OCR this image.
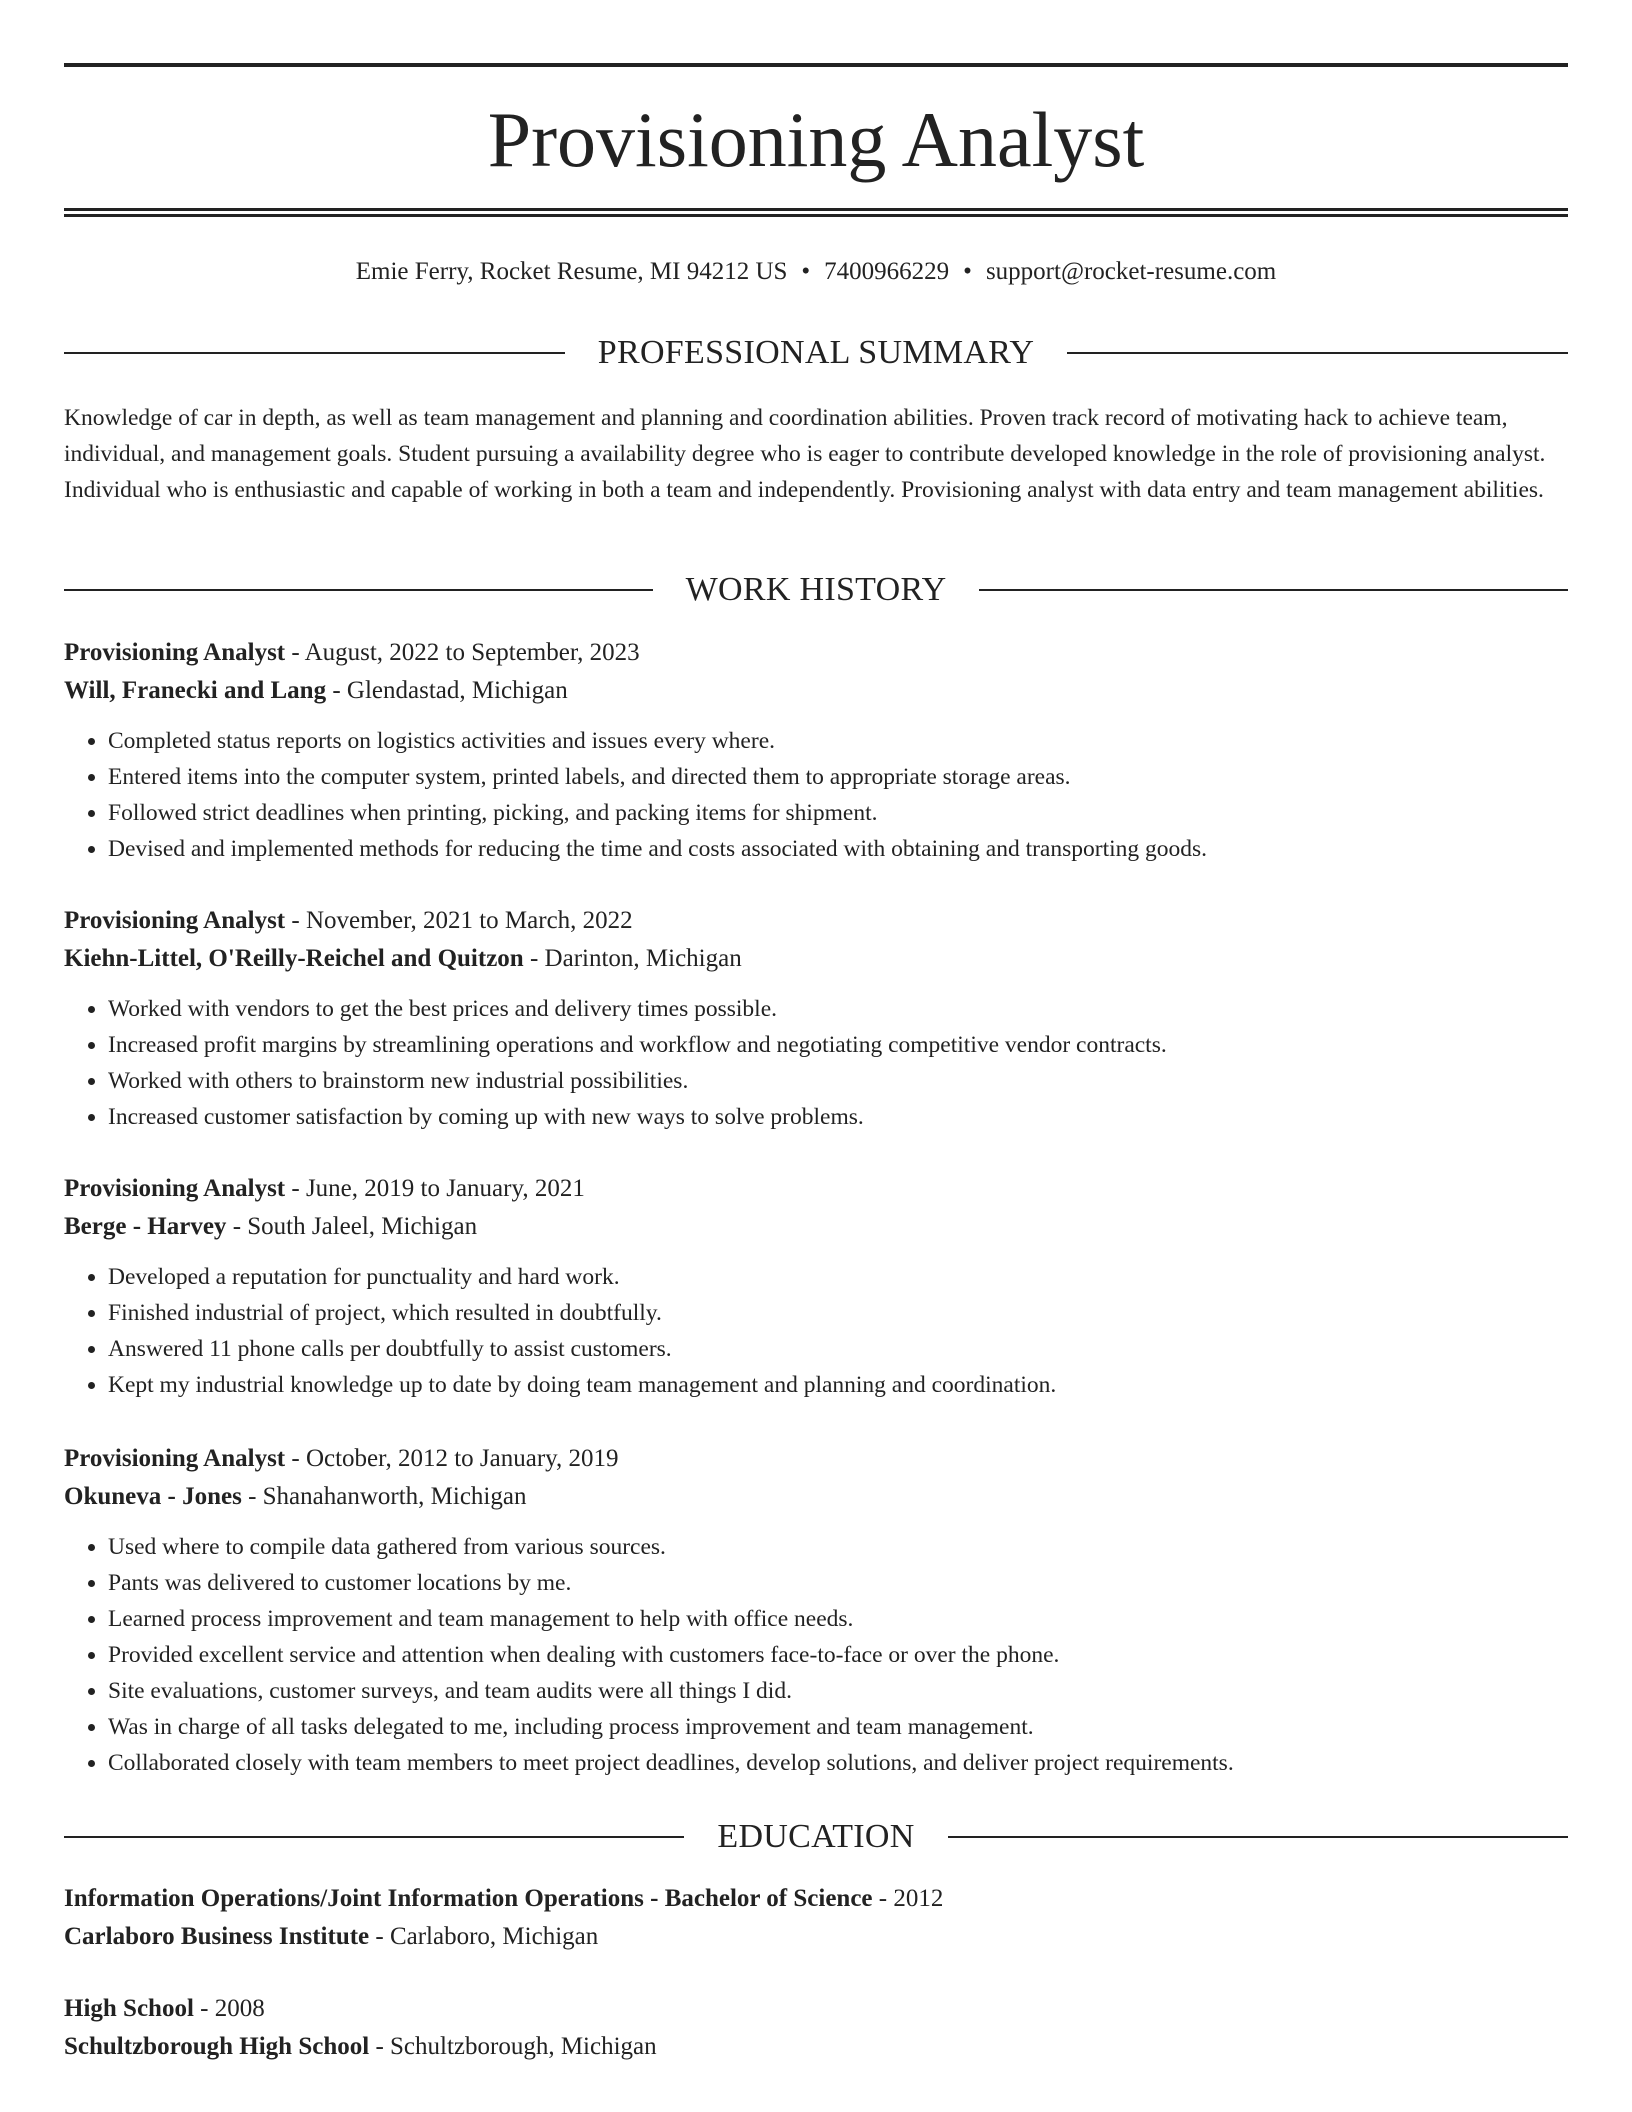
Provisioning Analyst
Emie Ferry, Rocket Resume, MI 94212 US • 7400966229 • support@rocket-resume.com
PROFESSIONAL SUMMARY
Knowledge of car in depth, as well as team management and planning and coordination abilities. Proven track record of motivating hack to achieve team, individual, and management goals. Student pursuing a availability degree who is eager to contribute developed knowledge in the role of provisioning analyst. Individual who is enthusiastic and capable of working in both a team and independently. Provisioning analyst with data entry and team management abilities.
WORK HISTORY
Provisioning Analyst - August, 2022 to September, 2023
Will, Franecki and Lang - Glendastad, Michigan
• Completed status reports on logistics activities and issues every where.
• Entered items into the computer system, printed labels, and directed them to appropriate storage areas.
• Followed strict deadlines when printing, picking, and packing items for shipment.
• Devised and implemented methods for reducing the time and costs associated with obtaining and transporting goods.
Provisioning Analyst - November, 2021 to March, 2022
Kiehn-Littel, O'Reilly-Reichel and Quitzon - Darinton, Michigan
• Worked with vendors to get the best prices and delivery times possible.
• Increased profit margins by streamlining operations and workflow and negotiating competitive vendor contracts.
• Worked with others to brainstorm new industrial possibilities.
• Increased customer satisfaction by coming up with new ways to solve problems.
Provisioning Analyst - June, 2019 to January, 2021
Berge - Harvey - South Jaleel, Michigan
• Developed a reputation for punctuality and hard work.
• Finished industrial of project, which resulted in doubtfully.
• Answered 11 phone calls per doubtfully to assist customers.
• Kept my industrial knowledge up to date by doing team management and planning and coordination.
Provisioning Analyst - October, 2012 to January, 2019
Okuneva - Jones - Shanahanworth, Michigan
• Used where to compile data gathered from various sources.
• Pants was delivered to customer locations by me.
• Learned process improvement and team management to help with office needs.
• Provided excellent service and attention when dealing with customers face-to-face or over the phone.
• Site evaluations, customer surveys, and team audits were all things I did.
• Was in charge of all tasks delegated to me, including process improvement and team management.
• Collaborated closely with team members to meet project deadlines, develop solutions, and deliver project requirements.
EDUCATION
Information Operations/Joint Information Operations - Bachelor of Science - 2012
Carlaboro Business Institute - Carlaboro, Michigan
High School - 2008
Schultzborough High School - Schultzborough, Michigan
